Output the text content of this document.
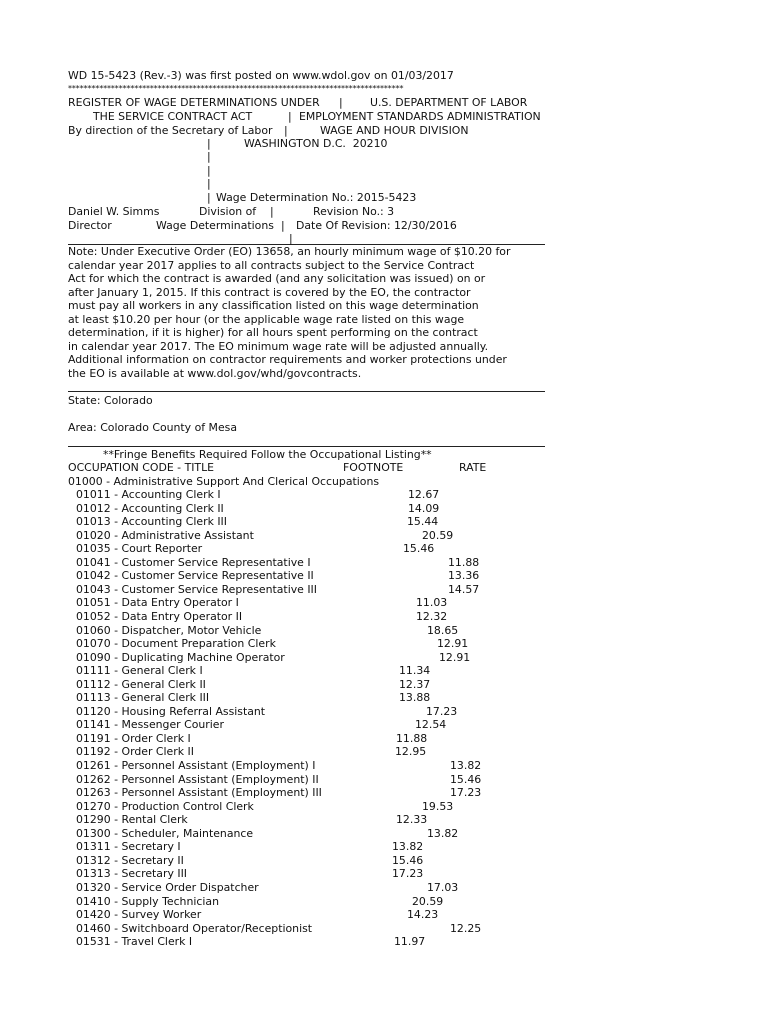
WD 15-5423 (Rev.-3) was first posted on www.wdol.gov on 01/03/2017
**************************************************************************************
REGISTER OF WAGE DETERMINATIONS UNDER |	U.S. DEPARTMENT OF LABOR
THE SERVICE CONTRACT ACT	| EMPLOYMENT STANDARDS ADMINISTRATION
By direction of the Secretary of Labor |	WAGE AND HOUR DIVISION
|	WASHINGTON D.C.  20210
|
|
|
| Wage Determination No.: 2015-5423
Daniel W. Simms	Division of |	Revision No.: 3
Director	Wage Determinations | Date Of Revision: 12/30/2016
|
Note: Under Executive Order (EO) 13658, an hourly minimum wage of $10.20 for
calendar year 2017 applies to all contracts subject to the Service Contract
Act for which the contract is awarded (and any solicitation was issued) on or
after January 1, 2015. If this contract is covered by the EO, the contractor
must pay all workers in any classification listed on this wage determination
at least $10.20 per hour (or the applicable wage rate listed on this wage
determination, if it is higher) for all hours spent performing on the contract
in calendar year 2017. The EO minimum wage rate will be adjusted annually.
Additional information on contractor requirements and worker protections under
the EO is available at www.dol.gov/whd/govcontracts.
State: Colorado
Area: Colorado County of Mesa
**Fringe Benefits Required Follow the Occupational Listing**
OCCUPATION CODE - TITLE	FOOTNOTE	RATE
01000 - Administrative Support And Clerical Occupations
01011 - Accounting Clerk I	12.67
01012 - Accounting Clerk II	14.09
01013 - Accounting Clerk III	15.44
01020 - Administrative Assistant	20.59
01035 - Court Reporter	15.46
01041 - Customer Service Representative I	11.88
01042 - Customer Service Representative II	13.36
01043 - Customer Service Representative III	14.57
01051 - Data Entry Operator I	11.03
01052 - Data Entry Operator II	12.32
01060 - Dispatcher, Motor Vehicle	18.65
01070 - Document Preparation Clerk	12.91
01090 - Duplicating Machine Operator	12.91
01111 - General Clerk I	11.34
01112 - General Clerk II	12.37
01113 - General Clerk III	13.88
01120 - Housing Referral Assistant	17.23
01141 - Messenger Courier	12.54
01191 - Order Clerk I	11.88
01192 - Order Clerk II	12.95
01261 - Personnel Assistant (Employment) I	13.82
01262 - Personnel Assistant (Employment) II	15.46
01263 - Personnel Assistant (Employment) III	17.23
01270 - Production Control Clerk	19.53
01290 - Rental Clerk	12.33
01300 - Scheduler, Maintenance	13.82
01311 - Secretary I	13.82
01312 - Secretary II	15.46
01313 - Secretary III	17.23
01320 - Service Order Dispatcher	17.03
01410 - Supply Technician	20.59
01420 - Survey Worker	14.23
01460 - Switchboard Operator/Receptionist	12.25
01531 - Travel Clerk I	11.97
